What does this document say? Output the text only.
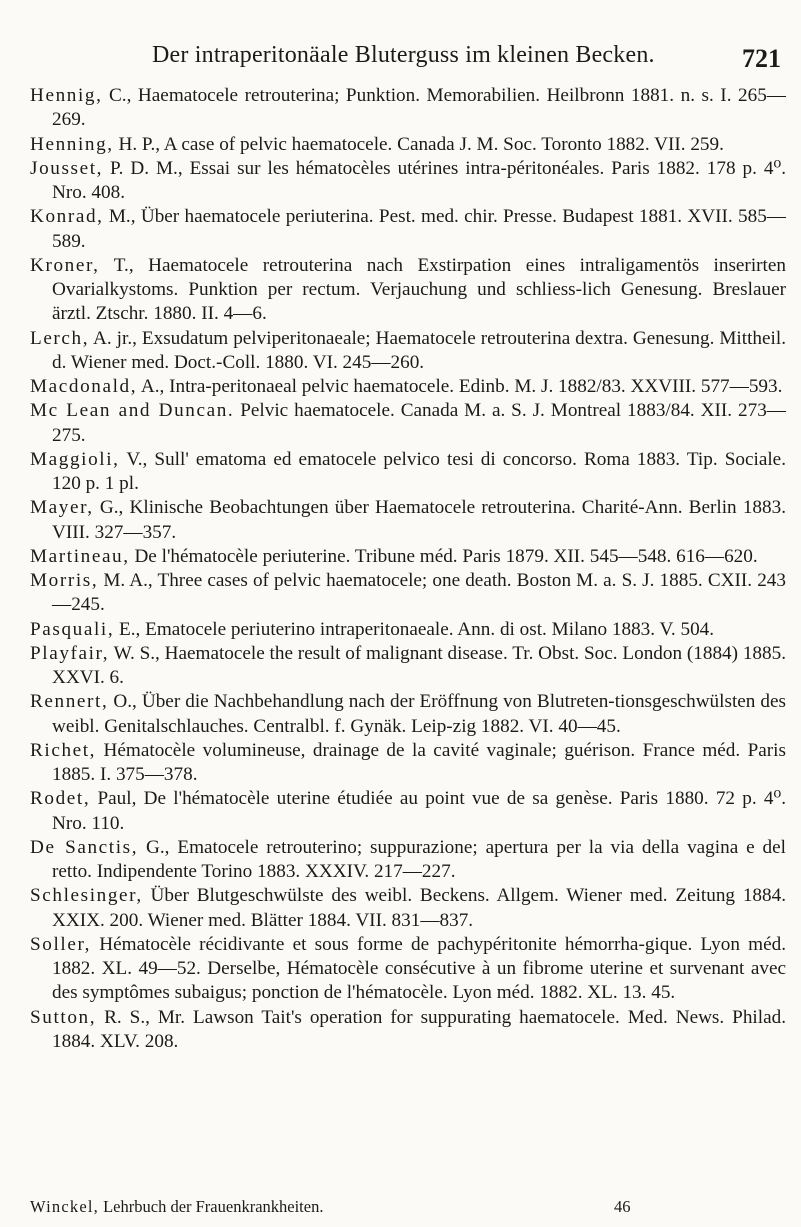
Der intraperitonäale Bluterguss im kleinen Becken.	721

Hennig, C., Haematocele retrouterina; Punktion. Memorabilien. Heilbronn 1881. n. s. I. 265—269.

Henning, H. P., A case of pelvic haematocele. Canada J. M. Soc. Toronto 1882. VII. 259.

Jousset, P. D. M., Essai sur les hématocèles utérines intra-péritonéales. Paris 1882. 178 p. 4⁰. Nro. 408.

Konrad, M., Über haematocele periuterina. Pest. med. chir. Presse. Budapest 1881. XVII. 585—589.

Kroner, T., Haematocele retrouterina nach Exstirpation eines intraligamentös inserirten Ovarialkystoms. Punktion per rectum. Verjauchung und schliess-lich Genesung. Breslauer ärztl. Ztschr. 1880. II. 4—6.

Lerch, A. jr., Exsudatum pelviperitonaeale; Haematocele retrouterina dextra. Genesung. Mittheil. d. Wiener med. Doct.-Coll. 1880. VI. 245—260.

Macdonald, A., Intra-peritonaeal pelvic haematocele. Edinb. M. J. 1882/83. XXVIII. 577—593.

Mc Lean and Duncan. Pelvic haematocele. Canada M. a. S. J. Montreal 1883/84. XII. 273—275.

Maggioli, V., Sull' ematoma ed ematocele pelvico tesi di concorso. Roma 1883. Tip. Sociale. 120 p. 1 pl.

Mayer, G., Klinische Beobachtungen über Haematocele retrouterina. Charité-Ann. Berlin 1883. VIII. 327—357.

Martineau, De l'hématocèle periuterine. Tribune méd. Paris 1879. XII. 545—548. 616—620.

Morris, M. A., Three cases of pelvic haematocele; one death. Boston M. a. S. J. 1885. CXII. 243—245.

Pasquali, E., Ematocele periuterino intraperitonaeale. Ann. di ost. Milano 1883. V. 504.

Playfair, W. S., Haematocele the result of malignant disease. Tr. Obst. Soc. London (1884) 1885. XXVI. 6.

Rennert, O., Über die Nachbehandlung nach der Eröffnung von Blutreten-tionsgeschwülsten des weibl. Genitalschlauches. Centralbl. f. Gynäk. Leip-zig 1882. VI. 40—45.

Richet, Hématocèle volumineuse, drainage de la cavité vaginale; guérison. France méd. Paris 1885. I. 375—378.

Rodet, Paul, De l'hématocèle uterine étudiée au point vue de sa genèse. Paris 1880. 72 p. 4⁰. Nro. 110.

De Sanctis, G., Ematocele retrouterino; suppurazione; apertura per la via della vagina e del retto. Indipendente Torino 1883. XXXIV. 217—227.

Schlesinger, Über Blutgeschwülste des weibl. Beckens. Allgem. Wiener med. Zeitung 1884. XXIX. 200. Wiener med. Blätter 1884. VII. 831—837.

Soller, Hématocèle récidivante et sous forme de pachypéritonite hémorrha-gique. Lyon méd. 1882. XL. 49—52. Derselbe, Hématocèle consécutive à un fibrome uterine et survenant avec des symptômes subaigus; ponction de l'hématocèle. Lyon méd. 1882. XL. 13. 45.

Sutton, R. S., Mr. Lawson Tait's operation for suppurating haematocele. Med. News. Philad. 1884. XLV. 208.

Winckel, Lehrbuch der Frauenkrankheiten.	46
